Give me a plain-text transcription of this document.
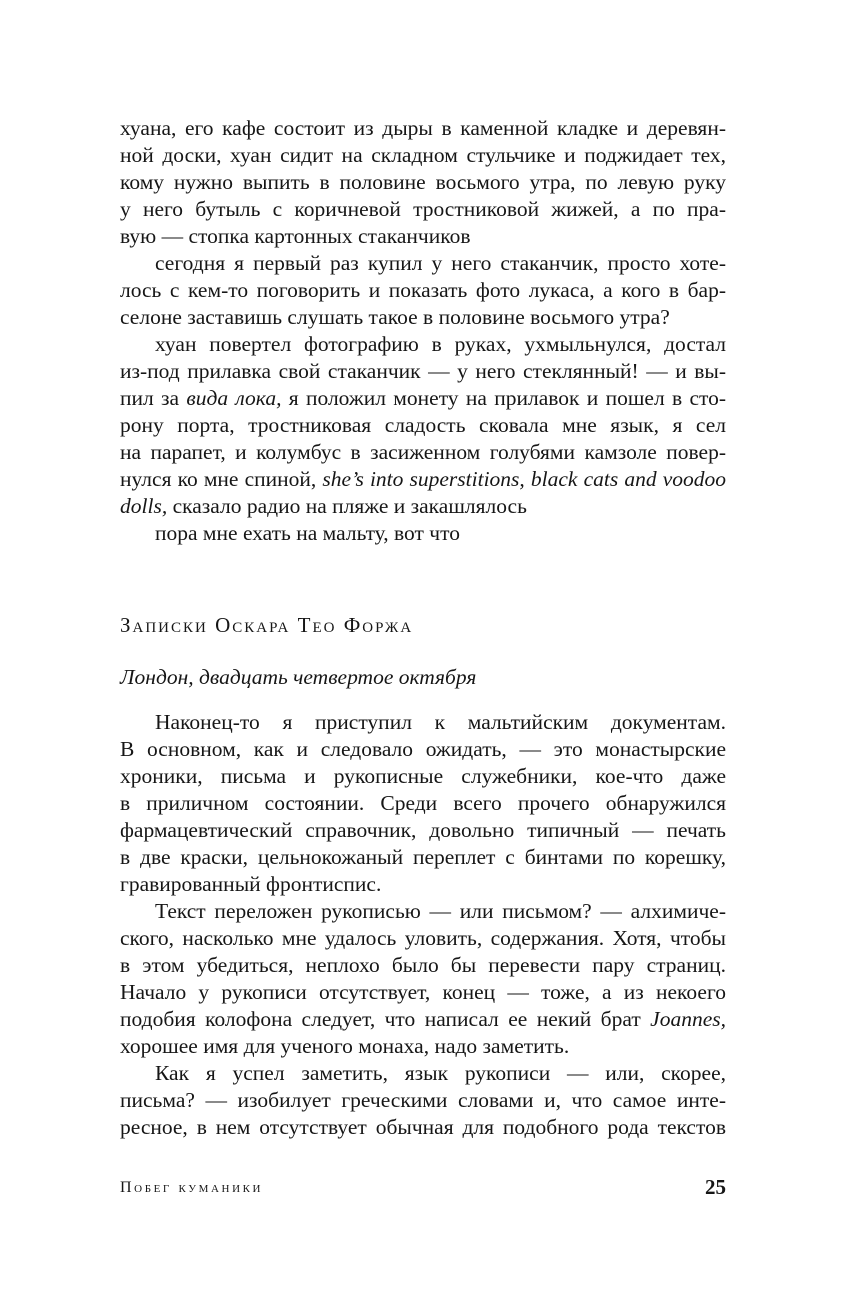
хуана, его кафе состоит из дыры в каменной кладке и деревян-
ной доски, хуан сидит на складном стульчике и поджидает тех,
кому нужно выпить в половине восьмого утра, по левую руку
у него бутыль с коричневой тростниковой жижей, а по пра-
вую — стопка картонных стаканчиков
сегодня я первый раз купил у него стаканчик, просто хоте-
лось с кем-то поговорить и показать фото лукаса, а кого в бар-
селоне заставишь слушать такое в половине восьмого утра?
хуан повертел фотографию в руках, ухмыльнулся, достал
из-под прилавка свой стаканчик — у него стеклянный! — и вы-
пил за вида лока, я положил монету на прилавок и пошел в сто-
рону порта, тростниковая сладость сковала мне язык, я сел
на парапет, и колумбус в засиженном голубями камзоле повер-
нулся ко мне спиной, she’s into superstitions, black cats and voodoo
dolls, сказало радио на пляже и закашлялось
пора мне ехать на мальту, вот что
Записки Оскара Тео Форжа
Лондон, двадцать четвертое октября
Наконец-то я приступил к мальтийским документам.
В основном, как и следовало ожидать, — это монастырские
хроники, письма и рукописные служебники, кое-что даже
в приличном состоянии. Среди всего прочего обнаружился
фармацевтический справочник, довольно типичный — печать
в две краски, цельнокожаный переплет с бинтами по корешку,
гравированный фронтиспис.
Текст переложен рукописью — или письмом? — алхимиче-
ского, насколько мне удалось уловить, содержания. Хотя, чтобы
в этом убедиться, неплохо было бы перевести пару страниц.
Начало у рукописи отсутствует, конец — тоже, а из некоего
подобия колофона следует, что написал ее некий брат Joannes,
хорошее имя для ученого монаха, надо заметить.
Как я успел заметить, язык рукописи — или, скорее,
письма? — изобилует греческими словами и, что самое инте-
ресное, в нем отсутствует обычная для подобного рода текстов
Побег куманики	25
